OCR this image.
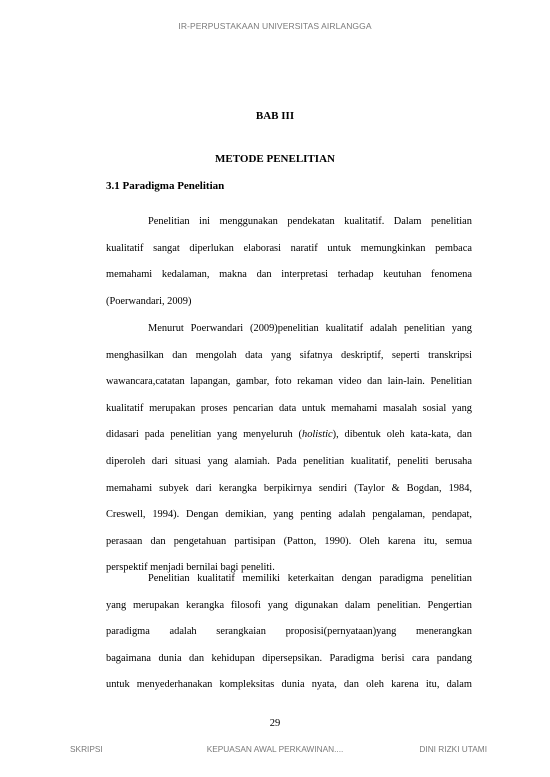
IR-PERPUSTAKAAN UNIVERSITAS AIRLANGGA
BAB III
METODE PENELITIAN
3.1 Paradigma Penelitian
Penelitian ini menggunakan pendekatan kualitatif. Dalam penelitian
kualitatif sangat diperlukan elaborasi naratif untuk memungkinkan pembaca
memahami kedalaman, makna dan interpretasi terhadap keutuhan fenomena
(Poerwandari, 2009)
Menurut Poerwandari (2009)penelitian kualitatif adalah penelitian yang
menghasilkan dan mengolah data yang sifatnya deskriptif, seperti transkripsi
wawancara,catatan lapangan, gambar, foto rekaman video dan lain-lain. Penelitian
kualitatif merupakan proses pencarian data untuk memahami masalah sosial yang
didasari pada penelitian yang menyeluruh (holistic), dibentuk oleh kata-kata, dan
diperoleh dari situasi yang alamiah. Pada penelitian kualitatif, peneliti berusaha
memahami subyek dari kerangka berpikirnya sendiri (Taylor & Bogdan, 1984,
Creswell, 1994). Dengan demikian, yang penting adalah pengalaman, pendapat,
perasaan dan pengetahuan partisipan (Patton, 1990). Oleh karena itu, semua
perspektif menjadi bernilai bagi peneliti.
Penelitian kualitatif memiliki keterkaitan dengan paradigma penelitian
yang merupakan kerangka filosofi yang digunakan dalam penelitian. Pengertian
paradigma adalah serangkaian proposisi(pernyataan)yang menerangkan
bagaimana dunia dan kehidupan dipersepsikan. Paradigma berisi cara pandang
untuk menyederhanakan kompleksitas dunia nyata, dan oleh karena itu, dalam
29
SKRIPSI	KEPUASAN AWAL PERKAWINAN....	DINI RIZKI UTAMI
